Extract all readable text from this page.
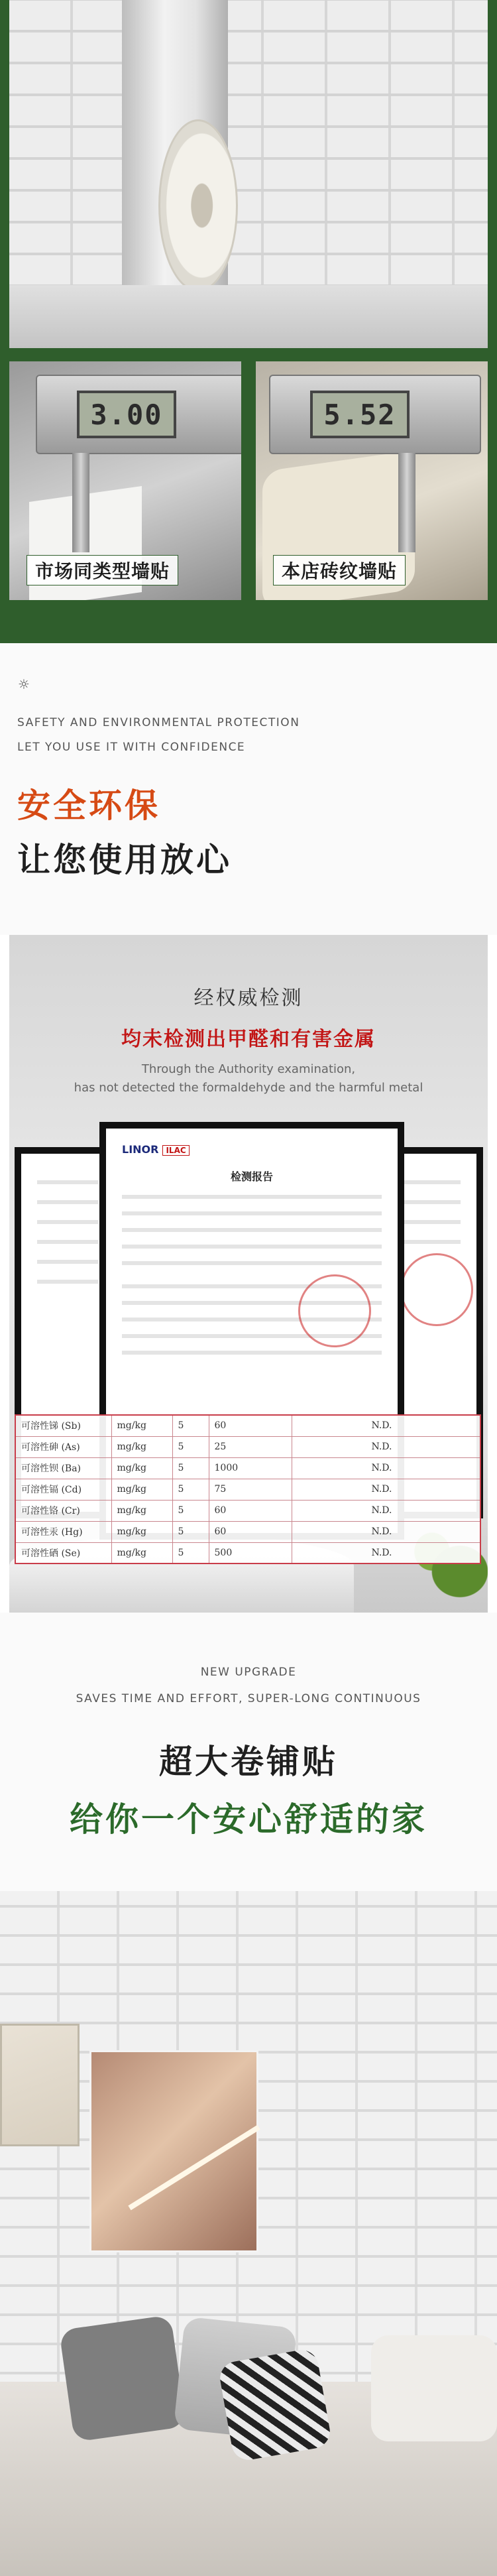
3.00
市场同类型墙贴
5.52
本店砖纹墙贴
☼
SAFETY AND ENVIRONMENTAL PROTECTION
LET YOU USE IT WITH CONFIDENCE
安全环保
让您使用放心
经权威检测
均未检测出甲醛和有害金属
Through the Authority examination,
has not detected the formaldehyde and the harmful metal
LINOR ILAC
检测报告
可溶性锑 (Sb)	mg/kg	5	60	N.D.
可溶性砷 (As)	mg/kg	5	25	N.D.
可溶性钡 (Ba)	mg/kg	5	1000	N.D.
可溶性镉 (Cd)	mg/kg	5	75	N.D.
可溶性铬 (Cr)	mg/kg	5	60	N.D.
可溶性汞 (Hg)	mg/kg	5	60	N.D.
可溶性硒 (Se)	mg/kg	5	500	N.D.
NEW UPGRADE
SAVES TIME AND EFFORT, SUPER-LONG CONTINUOUS
超大卷铺贴
给你一个安心舒适的家
